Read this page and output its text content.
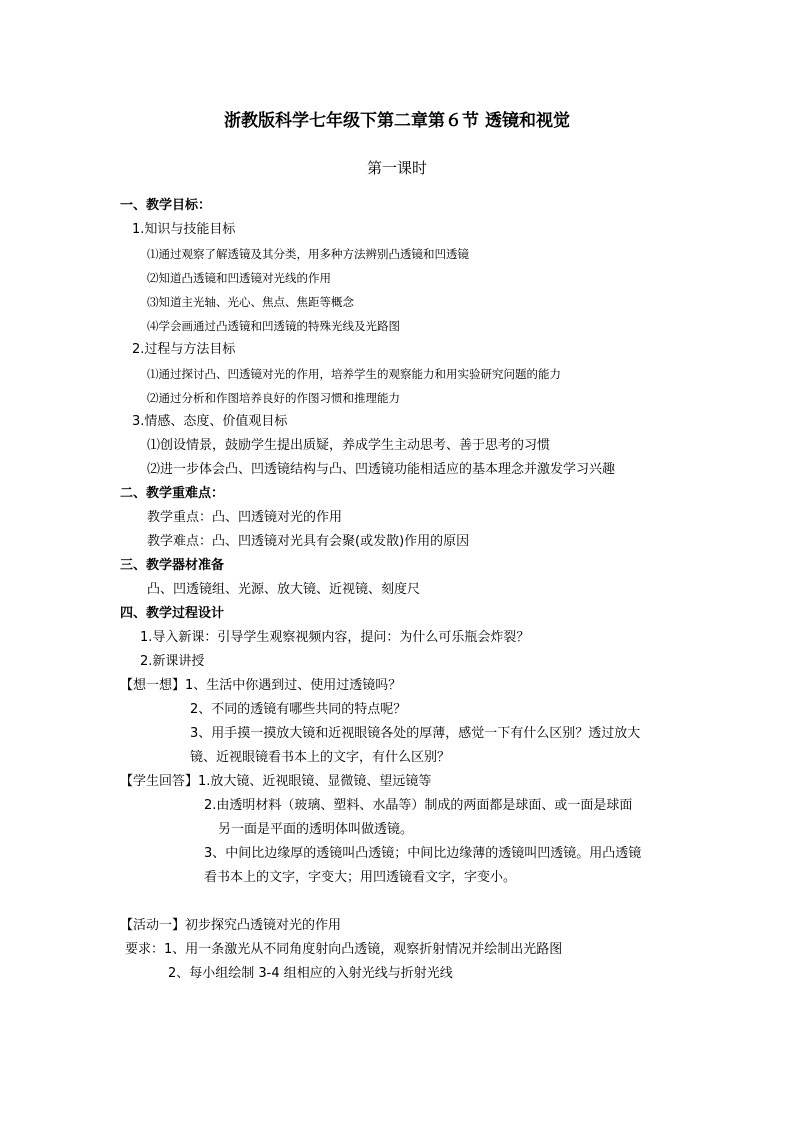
浙教版科学七年级下第二章第６节 透镜和视觉
第一课时
一、教学目标：
1.知识与技能目标
⑴通过观察了解透镜及其分类，用多种方法辨别凸透镜和凹透镜
⑵知道凸透镜和凹透镜对光线的作用
⑶知道主光轴、光心、焦点、焦距等概念
⑷学会画通过凸透镜和凹透镜的特殊光线及光路图
2.过程与方法目标
⑴通过探讨凸、凹透镜对光的作用，培养学生的观察能力和用实验研究问题的能力
⑵通过分析和作图培养良好的作图习惯和推理能力
3.情感、态度、价值观目标
⑴创设情景，鼓励学生提出质疑，养成学生主动思考、善于思考的习惯
⑵进一步体会凸、凹透镜结构与凸、凹透镜功能相适应的基本理念并激发学习兴趣
二、教学重难点：
教学重点：凸、凹透镜对光的作用
教学难点：凸、凹透镜对光具有会聚(或发散)作用的原因
三、教学器材准备
凸、凹透镜组、光源、放大镜、近视镜、刻度尺
四、教学过程设计
1.导入新课：引导学生观察视频内容，提问：为什么可乐瓶会炸裂？
2.新课讲授
【想一想】1、生活中你遇到过、使用过透镜吗？
2、不同的透镜有哪些共同的特点呢？
3、用手摸一摸放大镜和近视眼镜各处的厚薄，感觉一下有什么区别？透过放大
镜、近视眼镜看书本上的文字，有什么区别？
【学生回答】1.放大镜、近视眼镜、显微镜、望远镜等
2.由透明材料（玻璃、塑料、水晶等）制成的两面都是球面、或一面是球面
另一面是平面的透明体叫做透镜。
3、中间比边缘厚的透镜叫凸透镜；中间比边缘薄的透镜叫凹透镜。用凸透镜
看书本上的文字，字变大；用凹透镜看文字，字变小。
【活动一】初步探究凸透镜对光的作用
要求：1、用一条激光从不同角度射向凸透镜，观察折射情况并绘制出光路图
2、每小组绘制 3-4 组相应的入射光线与折射光线
